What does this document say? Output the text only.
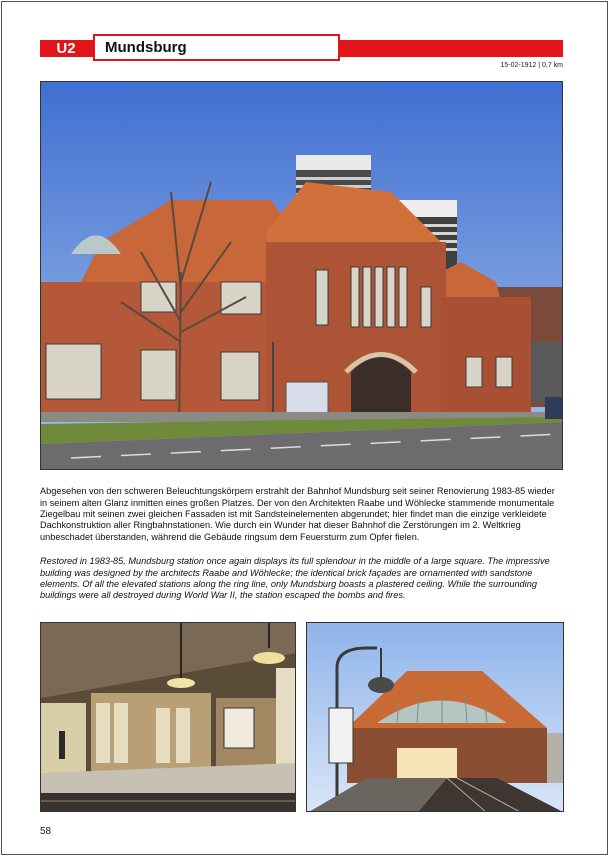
U2	Mundsburg
15-02-1912 | 0,7 km

Abgesehen von den schweren Beleuchtungskörpern erstrahlt der Bahnhof Mundsburg seit seiner Renovierung 1983-85 wieder in seinem alten Glanz inmitten eines großen Platzes. Der von den Architekten Raabe und Wöhlecke stammende monumentale Ziegelbau mit seinen zwei gleichen Fassaden ist mit Sandsteinelementen abgerundet; hier findet man die einzige verkleidete Dachkonstruktion aller Ringbahnstationen. Wie durch ein Wunder hat dieser Bahnhof die Zerstörungen im 2. Weltkrieg unbeschadet überstanden, während die Gebäude ringsum dem Feuersturm zum Opfer fielen.

Restored in 1983-85, Mundsburg station once again displays its full splendour in the middle of a large square. The impressive building was designed by the architects Raabe and Wöhlecke; the identical brick façades are ornamented with sandstone elements. Of all the elevated stations along the ring line, only Mundsburg boasts a plastered ceiling. While the surrounding buildings were all destroyed during World War II, the station escaped the bombs and fires.

58
